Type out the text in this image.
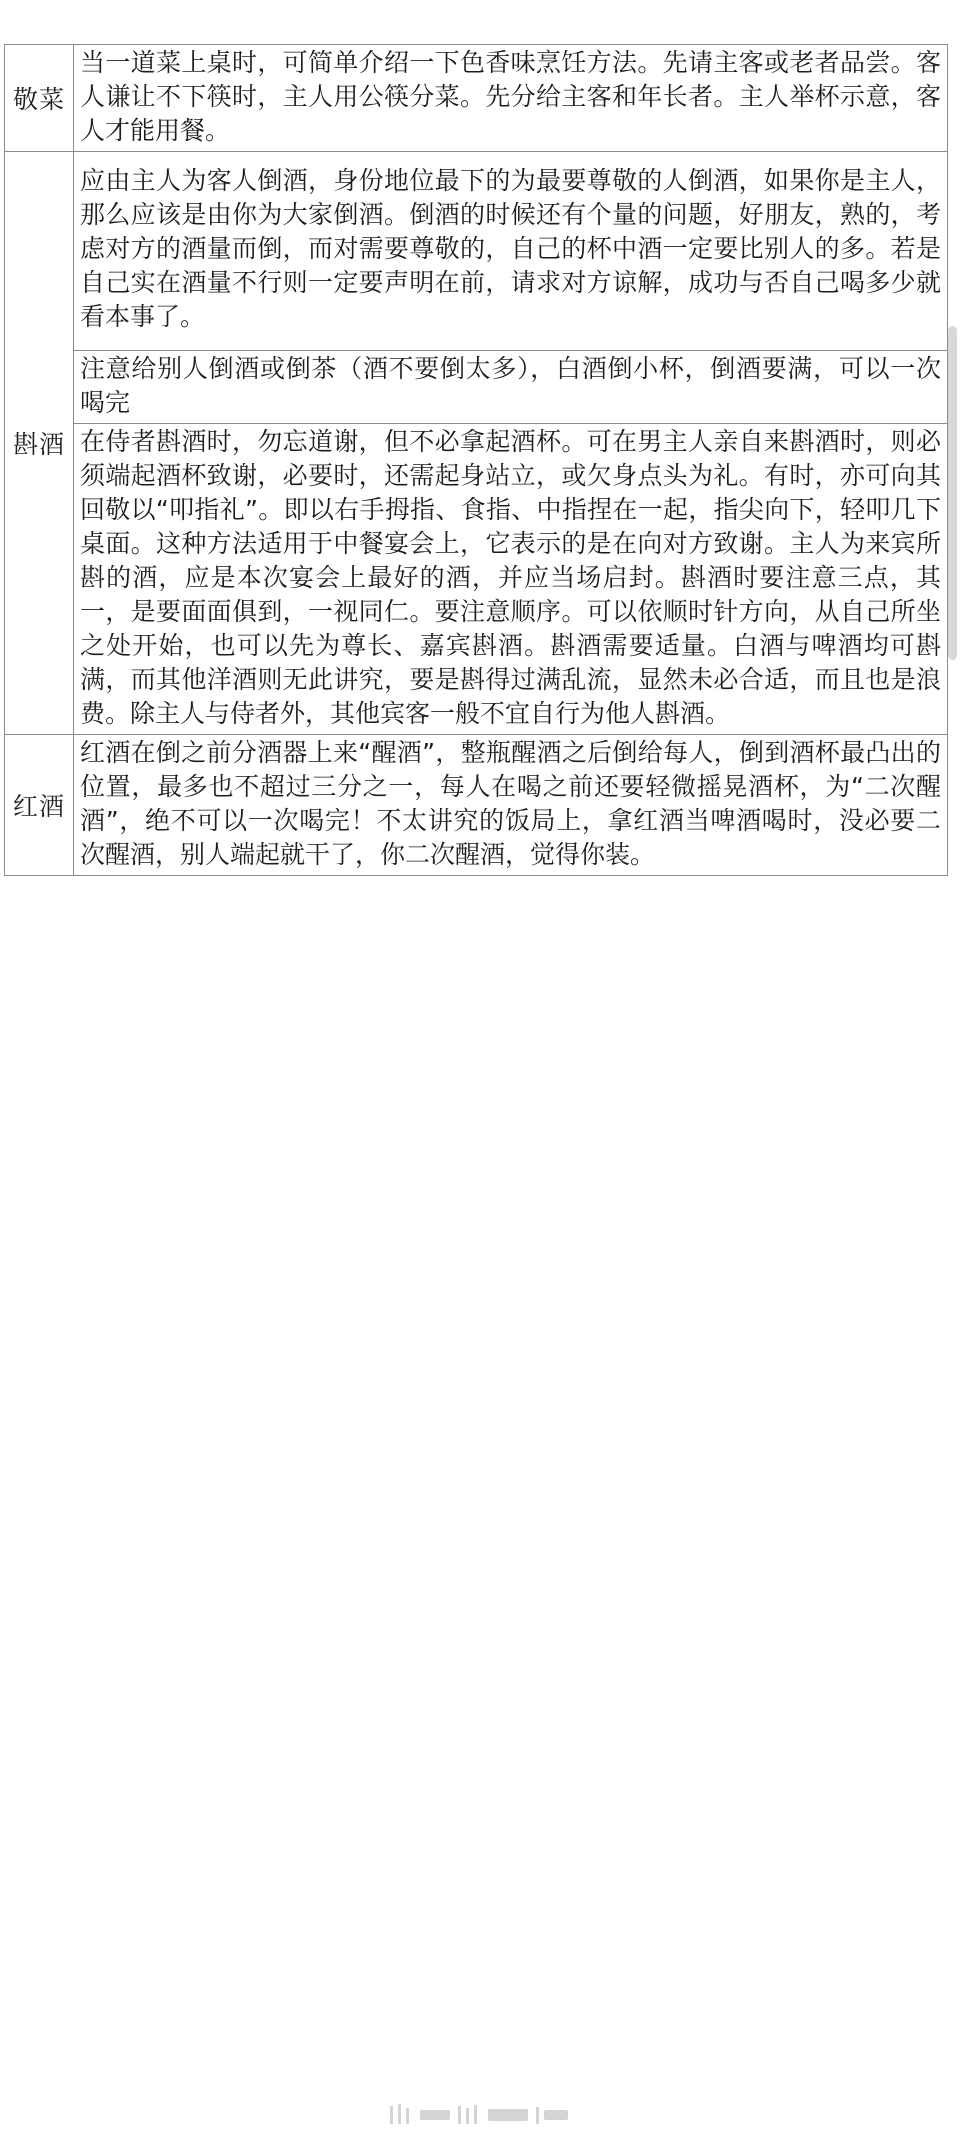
敬菜	当一道菜上桌时，可简单介绍一下色香味烹饪方法。先请主客或老者品尝。客人谦让不下筷时，主人用公筷分菜。先分给主客和年长者。主人举杯示意，客人才能用餐。
斟酒	应由主人为客人倒酒，身份地位最下的为最要尊敬的人倒酒，如果你是主人，那么应该是由你为大家倒酒。倒酒的时候还有个量的问题，好朋友，熟的，考虑对方的酒量而倒，而对需要尊敬的，自己的杯中酒一定要比别人的多。若是自己实在酒量不行则一定要声明在前，请求对方谅解，成功与否自己喝多少就看本事了。
	注意给别人倒酒或倒茶（酒不要倒太多），白酒倒小杯，倒酒要满，可以一次喝完
	在侍者斟酒时，勿忘道谢，但不必拿起酒杯。可在男主人亲自来斟酒时，则必须端起酒杯致谢，必要时，还需起身站立，或欠身点头为礼。有时，亦可向其回敬以“叩指礼”。即以右手拇指、食指、中指捏在一起，指尖向下，轻叩几下桌面。这种方法适用于中餐宴会上，它表示的是在向对方致谢。主人为来宾所斟的酒，应是本次宴会上最好的酒，并应当场启封。斟酒时要注意三点，其一，是要面面俱到，一视同仁。要注意顺序。可以依顺时针方向，从自己所坐之处开始，也可以先为尊长、嘉宾斟酒。斟酒需要适量。白酒与啤酒均可斟满，而其他洋酒则无此讲究，要是斟得过满乱流，显然未必合适，而且也是浪费。除主人与侍者外，其他宾客一般不宜自行为他人斟酒。
红酒	红酒在倒之前分酒器上来“醒酒”，整瓶醒酒之后倒给每人，倒到酒杯最凸出的位置，最多也不超过三分之一，每人在喝之前还要轻微摇晃酒杯，为“二次醒酒”，绝不可以一次喝完！不太讲究的饭局上，拿红酒当啤酒喝时，没必要二次醒酒，别人端起就干了，你二次醒酒，觉得你装。
